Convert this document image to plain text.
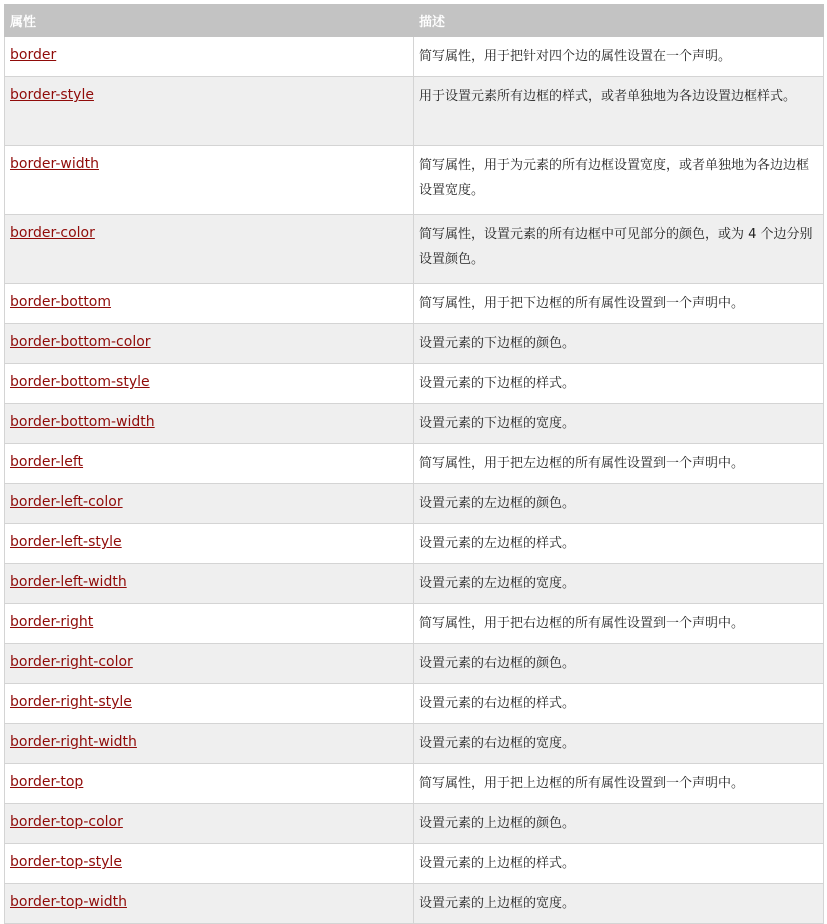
属性	描述
border	简写属性，用于把针对四个边的属性设置在一个声明。
border-style	用于设置元素所有边框的样式，或者单独地为各边设置边框样式。
border-width	简写属性，用于为元素的所有边框设置宽度，或者单独地为各边边框设置宽度。
border-color	简写属性，设置元素的所有边框中可见部分的颜色，或为 4 个边分别设置颜色。
border-bottom	简写属性，用于把下边框的所有属性设置到一个声明中。
border-bottom-color	设置元素的下边框的颜色。
border-bottom-style	设置元素的下边框的样式。
border-bottom-width	设置元素的下边框的宽度。
border-left	简写属性，用于把左边框的所有属性设置到一个声明中。
border-left-color	设置元素的左边框的颜色。
border-left-style	设置元素的左边框的样式。
border-left-width	设置元素的左边框的宽度。
border-right	简写属性，用于把右边框的所有属性设置到一个声明中。
border-right-color	设置元素的右边框的颜色。
border-right-style	设置元素的右边框的样式。
border-right-width	设置元素的右边框的宽度。
border-top	简写属性，用于把上边框的所有属性设置到一个声明中。
border-top-color	设置元素的上边框的颜色。
border-top-style	设置元素的上边框的样式。
border-top-width	设置元素的上边框的宽度。
